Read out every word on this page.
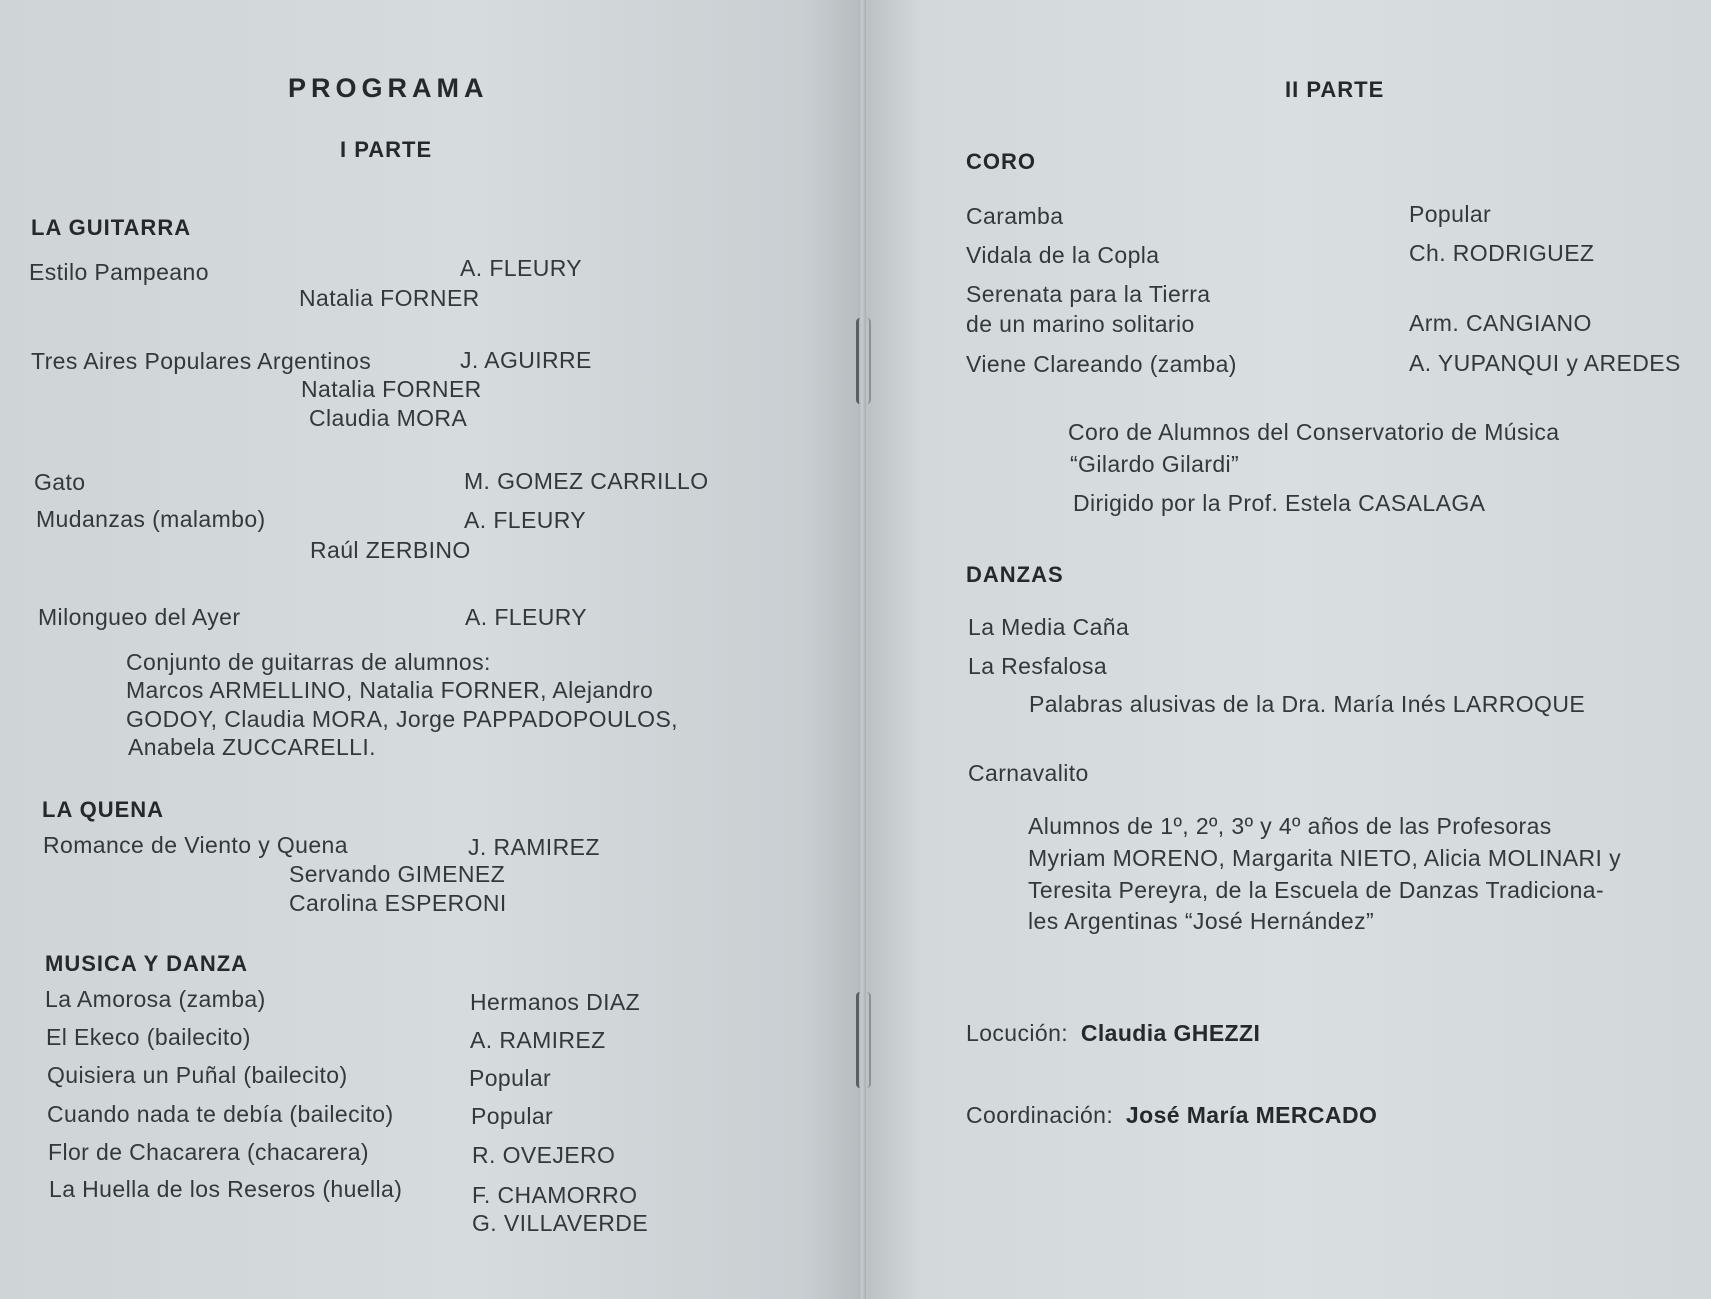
PROGRAMA
I PARTE
LA GUITARRA
Estilo Pampeano	A. FLEURY
Natalia FORNER
Tres Aires Populares Argentinos	J. AGUIRRE
Natalia FORNER
Claudia MORA
Gato	M. GOMEZ CARRILLO
Mudanzas (malambo)	A. FLEURY
Raúl ZERBINO
Milongueo del Ayer	A. FLEURY
Conjunto de guitarras de alumnos:
Marcos ARMELLINO, Natalia FORNER, Alejandro
GODOY, Claudia MORA, Jorge PAPPADOPOULOS,
Anabela ZUCCARELLI.
LA QUENA
Romance de Viento y Quena	J. RAMIREZ
Servando GIMENEZ
Carolina ESPERONI
MUSICA Y DANZA
La Amorosa (zamba)	Hermanos DIAZ
El Ekeco (bailecito)	A. RAMIREZ
Quisiera un Puñal (bailecito)	Popular
Cuando nada te debía (bailecito)	Popular
Flor de Chacarera (chacarera)	R. OVEJERO
La Huella de los Reseros (huella)	F. CHAMORRO
G. VILLAVERDE
II PARTE
CORO
Caramba	Popular
Vidala de la Copla	Ch. RODRIGUEZ
Serenata para la Tierra
de un marino solitario	Arm. CANGIANO
Viene Clareando (zamba)	A. YUPANQUI y AREDES
Coro de Alumnos del Conservatorio de Música
“Gilardo Gilardi”
Dirigido por la Prof. Estela CASALAGA
DANZAS
La Media Caña
La Resfalosa
Palabras alusivas de la Dra. María Inés LARROQUE
Carnavalito
Alumnos de 1º, 2º, 3º y 4º años de las Profesoras
Myriam MORENO, Margarita NIETO, Alicia MOLINARI y
Teresita Pereyra, de la Escuela de Danzas Tradiciona-
les Argentinas “José Hernández”
Locución: Claudia GHEZZI
Coordinación: José María MERCADO
